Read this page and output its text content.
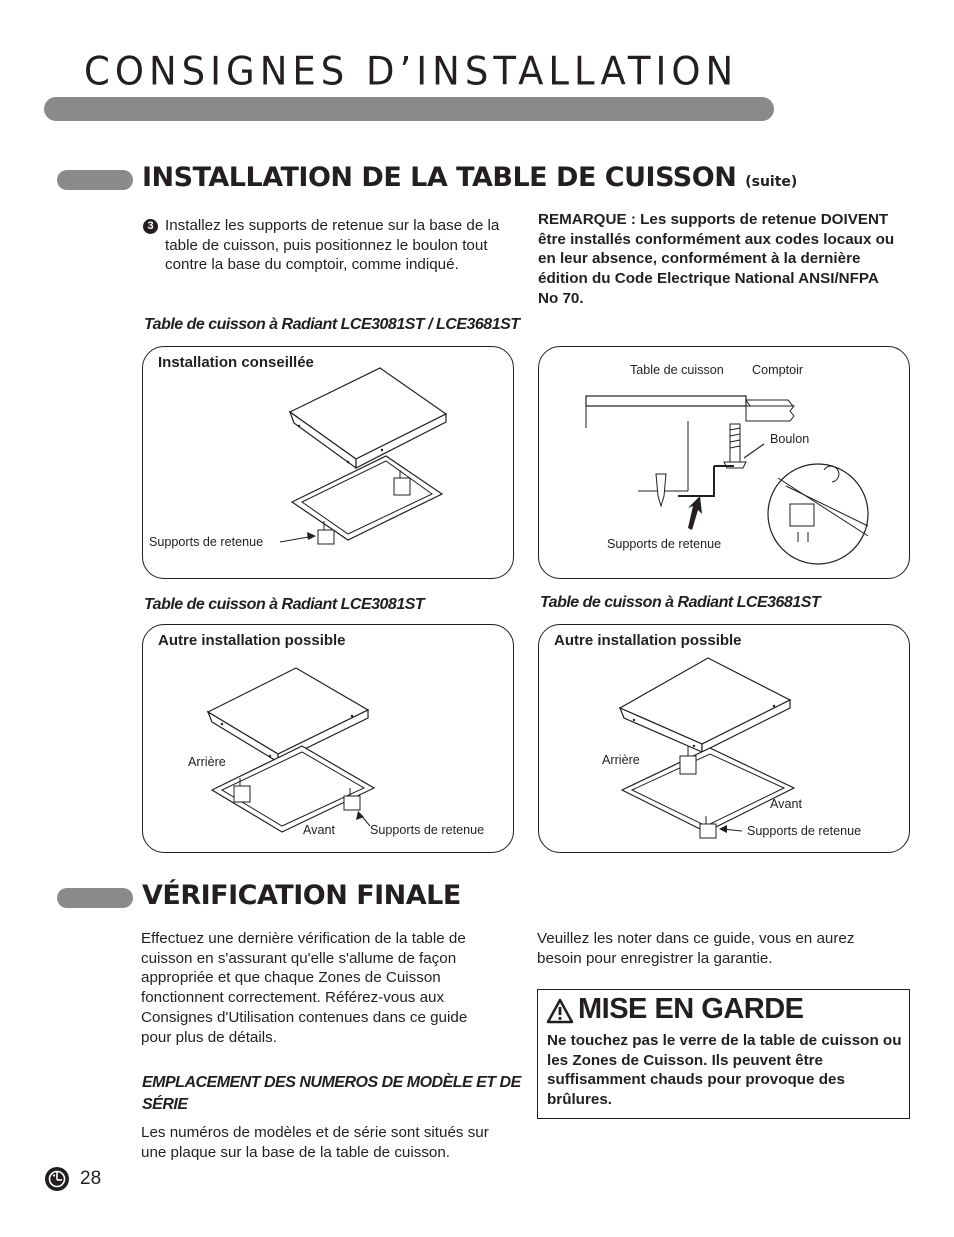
CONSIGNES D’INSTALLATION
INSTALLATION DE LA TABLE DE CUISSON (suite)
3 Installez les supports de retenue sur la base de la table de cuisson, puis positionnez le boulon tout contre la base du comptoir, comme indiqué.
REMARQUE : Les supports de retenue DOIVENT être installés conformément aux codes locaux ou en leur absence, conformément à la dernière édition du Code Electrique National ANSI/NFPA No 70.
Table de cuisson à Radiant LCE3081ST / LCE3681ST
Installation conseillée
Supports de retenue
Table de cuisson Comptoir
Boulon
Supports de retenue
Table de cuisson à Radiant LCE3081ST	Table de cuisson à Radiant LCE3681ST
Autre installation possible
Arrière
Avant	Supports de retenue
Autre installation possible
Arrière
Avant
Supports de retenue
VÉRIFICATION FINALE
Effectuez une dernière vérification de la table de cuisson en s'assurant qu'elle s'allume de façon appropriée et que chaque Zones de Cuisson fonctionnent correctement. Référez-vous aux Consignes d'Utilisation contenues dans ce guide pour plus de détails.
EMPLACEMENT DES NUMEROS DE MODÈLE ET DE SÉRIE
Les numéros de modèles et de série sont situés sur une plaque sur la base de la table de cuisson.
Veuillez les noter dans ce guide, vous en aurez besoin pour enregistrer la garantie.
MISE EN GARDE
Ne touchez pas le verre de la table de cuisson ou les Zones de Cuisson. Ils peuvent être suffisamment chauds pour provoque des brûlures.
28
